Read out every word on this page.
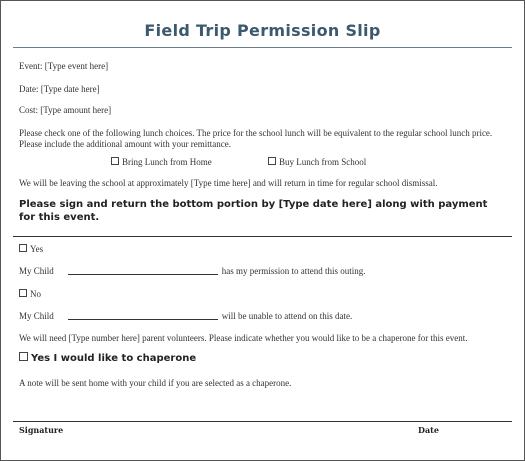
Field Trip Permission Slip
Event: [Type event here]
Date: [Type date here]
Cost: [Type amount here]
Please check one of the following lunch choices. The price for the school lunch will be equivalent to the regular school lunch price.
Please include the additional amount with your remittance.
Bring Lunch from Home	Buy Lunch from School
We will be leaving the school at approximately [Type time here] and will return in time for regular school dismissal.
Please sign and return the bottom portion by [Type date here] along with payment for this event.
Yes
My Child	has my permission to attend this outing.
No
My Child	will be unable to attend on this date.
We will need [Type number here] parent volunteers. Please indicate whether you would like to be a chaperone for this event.
Yes I would like to chaperone
A note will be sent home with your child if you are selected as a chaperone.
Signature	Date
